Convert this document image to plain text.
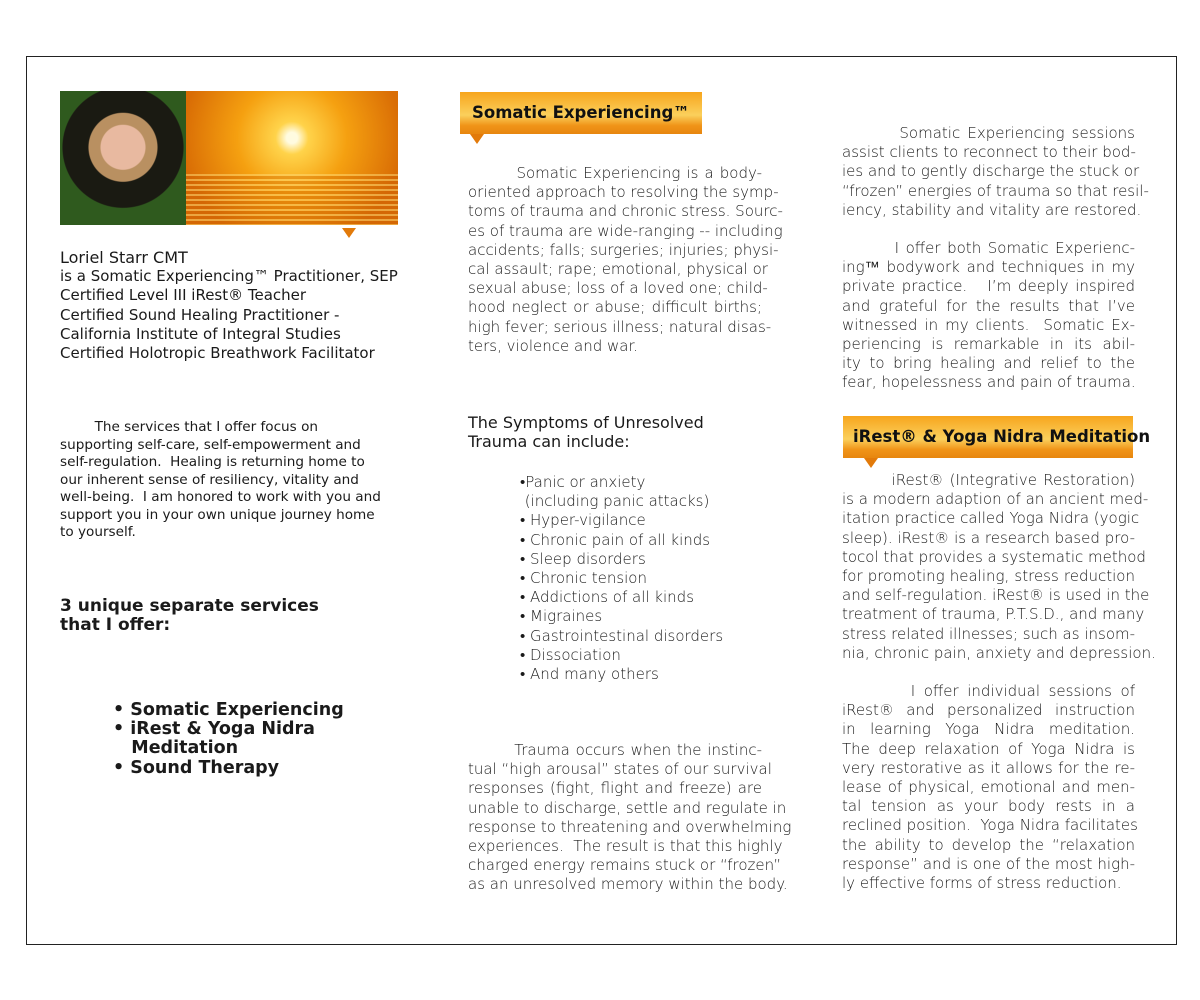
Loriel Starr CMT
is a Somatic Experiencing™ Practitioner, SEP
Certified Level III iRest® Teacher
Certified Sound Healing Practitioner -
California Institute of Integral Studies
Certified Holotropic Breathwork Facilitator
The services that I offer focus on
supporting self-care, self-empowerment and
self-regulation.  Healing is returning home to
our inherent sense of resiliency, vitality and
well-being.  I am honored to work with you and
support you in your own unique journey home
to yourself.
3 unique separate services
that I offer:
• Somatic Experiencing
• iRest & Yoga Nidra
Meditation
• Sound Therapy
Somatic Experiencing™
Somatic Experiencing is a body-
oriented approach to resolving the symp-
toms of trauma and chronic stress. Sourc-
es of trauma are wide-ranging -- including
accidents; falls; surgeries; injuries; physi-
cal assault; rape; emotional, physical or
sexual abuse; loss of a loved one; child-
hood neglect or abuse; difficult births;
high fever; serious illness; natural disas-
ters, violence and war.
The Symptoms of Unresolved
Trauma can include:
•Panic or anxiety
(including panic attacks)
• Hyper-vigilance
• Chronic pain of all kinds
• Sleep disorders
• Chronic tension
• Addictions of all kinds
• Migraines
• Gastrointestinal disorders
• Dissociation
• And many others
Trauma occurs when the instinc-
tual “high arousal” states of our survival
responses (fight, flight and freeze) are
unable to discharge, settle and regulate in
response to threatening and overwhelming
experiences.  The result is that this highly
charged energy remains stuck or “frozen”
as an unresolved memory within the body.
Somatic Experiencing sessions
assist clients to reconnect to their bod-
ies and to gently discharge the stuck or
“frozen” energies of trauma so that resil-
iency, stability and vitality are restored.
I offer both Somatic Experienc-
ing™ bodywork and techniques in my
private practice.   I’m deeply inspired
and grateful for the results that I’ve
witnessed in my clients.  Somatic Ex-
periencing is remarkable in its abil-
ity to bring healing and relief to the
fear, hopelessness and pain of trauma.
iRest® & Yoga Nidra Meditation
iRest® (Integrative Restoration)
is a modern adaption of an ancient med-
itation practice called Yoga Nidra (yogic
sleep). iRest® is a research based pro-
tocol that provides a systematic method
for promoting healing, stress reduction
and self-regulation. iRest® is used in the
treatment of trauma, P.T.S.D., and many
stress related illnesses; such as insom-
nia, chronic pain, anxiety and depression.
I offer individual sessions of
iRest® and personalized instruction
in learning Yoga Nidra meditation.
The deep relaxation of Yoga Nidra is
very restorative as it allows for the re-
lease of physical, emotional and men-
tal tension as your body rests in a
reclined position.  Yoga Nidra facilitates
the ability to develop the “relaxation
response” and is one of the most high-
ly effective forms of stress reduction.
